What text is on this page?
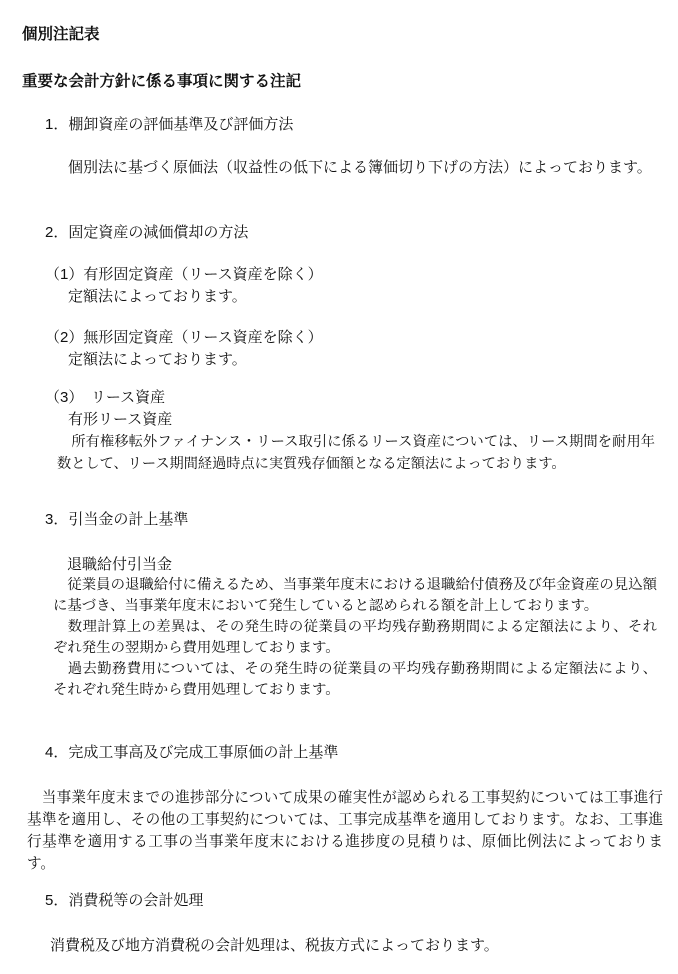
個別注記表
重要な会計方針に係る事項に関する注記
1．棚卸資産の評価基準及び評価方法
個別法に基づく原価法（収益性の低下による簿価切り下げの方法）によっております。
2．固定資産の減価償却の方法
（1）有形固定資産（リース資産を除く）
定額法によっております。
（2）無形固定資産（リース資産を除く）
定額法によっております。
（3）　リース資産
有形リース資産
　所有権移転外ファイナンス・リース取引に係るリース資産については、リース期間を耐用年数として、リース期間経過時点に実質残存価額となる定額法によっております。
3．引当金の計上基準
退職給付引当金
　従業員の退職給付に備えるため、当事業年度末における退職給付債務及び年金資産の見込額に基づき、当事業年度末において発生していると認められる額を計上しております。
　数理計算上の差異は、その発生時の従業員の平均残存勤務期間による定額法により、それぞれ発生の翌期から費用処理しております。
　過去勤務費用については、その発生時の従業員の平均残存勤務期間による定額法により、それぞれ発生時から費用処理しております。
4．完成工事高及び完成工事原価の計上基準
　当事業年度末までの進捗部分について成果の確実性が認められる工事契約については工事進行基準を適用し、その他の工事契約については、工事完成基準を適用しております。なお、工事進行基準を適用する工事の当事業年度末における進捗度の見積りは、原価比例法によっております。
5．消費税等の会計処理
消費税及び地方消費税の会計処理は、税抜方式によっております。
